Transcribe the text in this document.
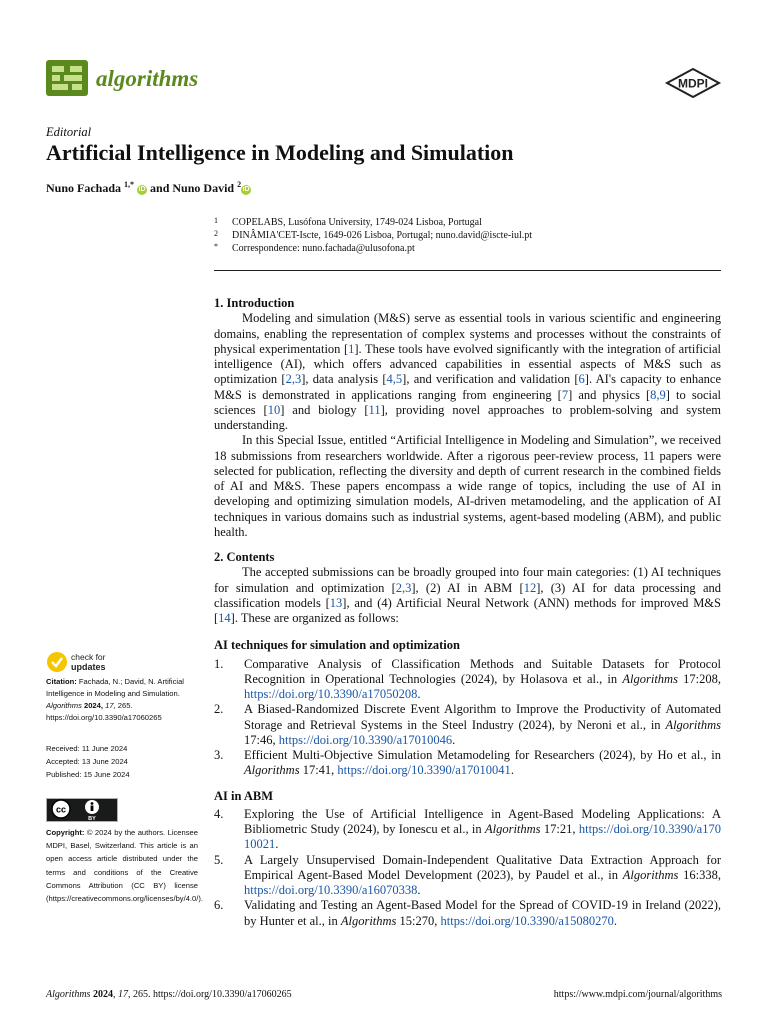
algorithms	MDPI
Editorial
Artificial Intelligence in Modeling and Simulation
Nuno Fachada $^{1,*}$ iD and Nuno David $^2$iD
1 COPELABS, Lusófona University, 1749-024 Lisboa, Portugal
2 DINÂMIA'CET-Iscte, 1649-026 Lisboa, Portugal; nuno.david@iscte-iul.pt
* Correspondence: nuno.fachada@ulusofona.pt

1. Introduction

Modeling and simulation (M&S) serve as essential tools in various scientific and engineering domains, enabling the representation of complex systems and processes without the constraints of physical experimentation [1]. These tools have evolved significantly with the integration of artificial intelligence (AI), which offers advanced capabilities in essential aspects of M&S such as optimization [2,3], data analysis [4,5], and verification and validation [6]. AI's capacity to enhance M&S is demonstrated in applications ranging from engineering [7] and physics [8,9] to social sciences [10] and biology [11], providing novel approaches to problem-solving and system understanding.

In this Special Issue, entitled “Artificial Intelligence in Modeling and Simulation”, we received 18 submissions from researchers worldwide. After a rigorous peer-review process, 11 papers were selected for publication, reflecting the diversity and depth of current research in the combined fields of AI and M&S. These papers encompass a wide range of topics, including the use of AI in developing and optimizing simulation models, AI-driven metamodeling, and the application of AI techniques in various domains such as industrial systems, agent-based modeling (ABM), and public health.

2. Contents

The accepted submissions can be broadly grouped into four main categories: (1) AI techniques for simulation and optimization [2,3], (2) AI in ABM [12], (3) AI for data processing and classification models [13], and (4) Artificial Neural Network (ANN) methods for improved M&S [14]. These are organized as follows:

AI techniques for simulation and optimization

1. Comparative Analysis of Classification Methods and Suitable Datasets for Protocol Recognition in Operational Technologies (2024), by Holasova et al., in Algorithms 17:208, https://doi.org/10.3390/a17050208.
2. A Biased-Randomized Discrete Event Algorithm to Improve the Productivity of Automated Storage and Retrieval Systems in the Steel Industry (2024), by Neroni et al., in Algorithms 17:46, https://doi.org/10.3390/a17010046.
3. Efficient Multi-Objective Simulation Metamodeling for Researchers (2024), by Ho et al., in Algorithms 17:41, https://doi.org/10.3390/a17010041.

AI in ABM

4. Exploring the Use of Artificial Intelligence in Agent-Based Modeling Applications: A Bibliometric Study (2024), by Ionescu et al., in Algorithms 17:21, https://doi.org/10.3390/a17010021.
5. A Largely Unsupervised Domain-Independent Qualitative Data Extraction Approach for Empirical Agent-Based Model Development (2023), by Paudel et al., in Algorithms 16:338, https://doi.org/10.3390/a16070338.
6. Validating and Testing an Agent-Based Model for the Spread of COVID-19 in Ireland (2022), by Hunter et al., in Algorithms 15:270, https://doi.org/10.3390/a15080270.
check for
updates
Citation: Fachada, N.; David, N. Artificial Intelligence in Modeling and Simulation. Algorithms 2024, 17, 265. https://doi.org/10.3390/a17060265
Received: 11 June 2024
Accepted: 13 June 2024
Published: 15 June 2024
cc
BY
Copyright: © 2024 by the authors. Licensee MDPI, Basel, Switzerland. This article is an open access article distributed under the terms and conditions of the Creative Commons Attribution (CC BY) license (https://creativecommons.org/licenses/by/4.0/).
Algorithms 2024, 17, 265. https://doi.org/10.3390/a17060265	https://www.mdpi.com/journal/algorithms
